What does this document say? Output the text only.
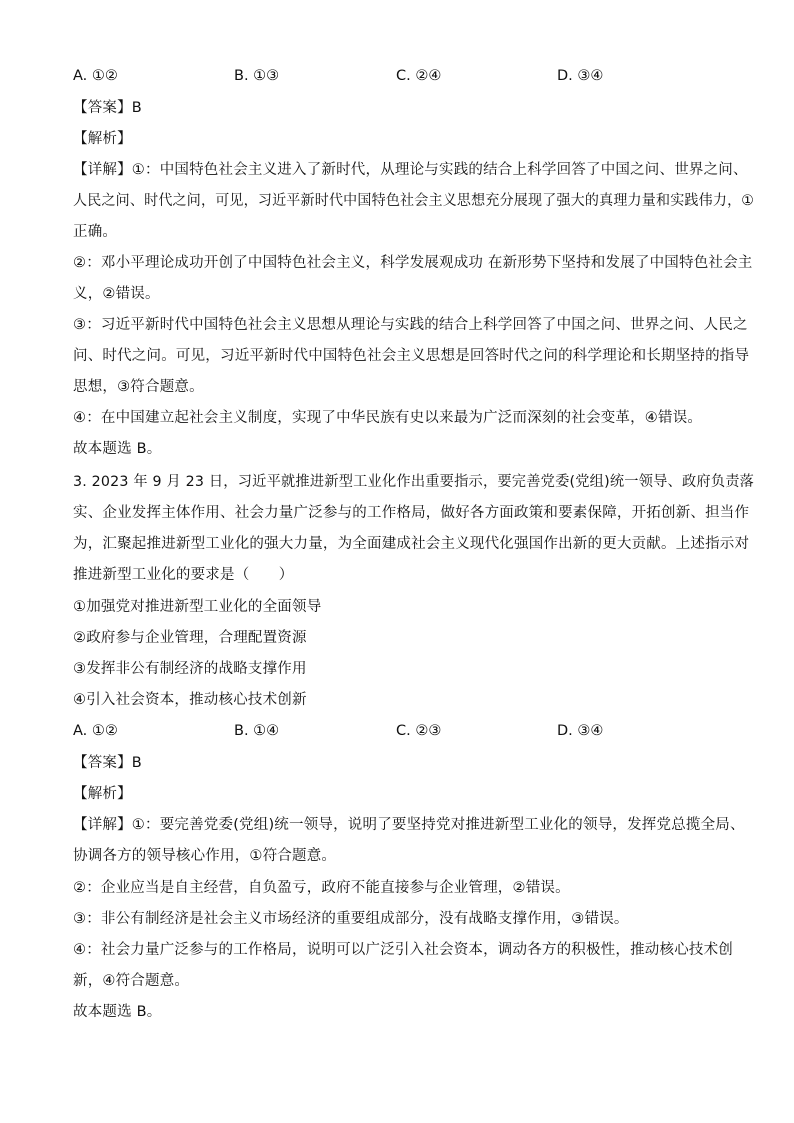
A. ①②	B. ①③	C. ②④	D. ③④
【答案】B
【解析】
【详解】①：中国特色社会主义进入了新时代，从理论与实践的结合上科学回答了中国之问、世界之问、
人民之问、时代之问，可见，习近平新时代中国特色社会主义思想充分展现了强大的真理力量和实践伟力，①
正确。
②：邓小平理论成功开创了中国特色社会主义，科学发展观成功 在新形势下坚持和发展了中国特色社会主
义，②错误。
③：习近平新时代中国特色社会主义思想从理论与实践的结合上科学回答了中国之问、世界之问、人民之
问、时代之问。可见，习近平新时代中国特色社会主义思想是回答时代之问的科学理论和长期坚持的指导
思想，③符合题意。
④：在中国建立起社会主义制度，实现了中华民族有史以来最为广泛而深刻的社会变革，④错误。
故本题选 B。
3. 2023 年 9 月 23 日，习近平就推进新型工业化作出重要指示，要完善党委(党组)统一领导、政府负责落
实、企业发挥主体作用、社会力量广泛参与的工作格局，做好各方面政策和要素保障，开拓创新、担当作
为，汇聚起推进新型工业化的强大力量，为全面建成社会主义现代化强国作出新的更大贡献。上述指示对
推进新型工业化的要求是（　　）
①加强党对推进新型工业化的全面领导
②政府参与企业管理，合理配置资源
③发挥非公有制经济的战略支撑作用
④引入社会资本，推动核心技术创新
A. ①②	B. ①④	C. ②③	D. ③④
【答案】B
【解析】
【详解】①：要完善党委(党组)统一领导，说明了要坚持党对推进新型工业化的领导，发挥党总揽全局、
协调各方的领导核心作用，①符合题意。
②：企业应当是自主经营，自负盈亏，政府不能直接参与企业管理，②错误。
③：非公有制经济是社会主义市场经济的重要组成部分，没有战略支撑作用，③错误。
④：社会力量广泛参与的工作格局，说明可以广泛引入社会资本，调动各方的积极性，推动核心技术创
新，④符合题意。
故本题选 B。
